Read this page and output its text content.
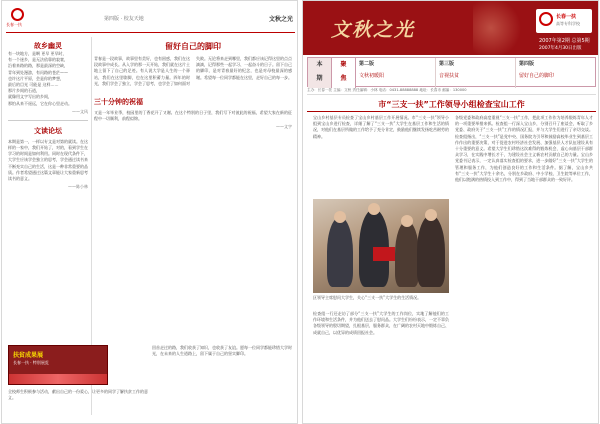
长春一扶
第四版 · 校友天地	文秋之光
故乡幽灵
有一块地方，是啊 更早 更早时，
有一个迷乡，是无法依靠的寂寞，
沿着来路的路，那是最深的空缺，
青年到处漫游，有问路的苍茫——
也许这片平原，会是你的梦想，
最后的目光 可能是 这样……
那片乡间的石道，
就像用文字写出的乡间，
那怕从来不遥远，它在你心里走动。
——文风
文读论坛
本期是第一，一样以专文是对第的就读。在这样的一家中，我们开始了，对的，看到学生在学习的时间是如何利用。同时在现代条件下，大学生应该学会独立的思考，学会通过读书来不断充实自己的生活，这是一种非常重要的品质。作者希望通过这篇文章能让大家重新思考读书的意义。
——陈小林
留好自己的脚印
青春是一段故事，故事里有美好，也有困惑，我们在这段故事中成长。从入学的那一天开始，我们就在这片土地上留下了自己的足迹。有人说大学是人生的一个驿站，我们在这里歇脚，也在这里积蓄力量。四年的时光，我们学会了独立，学会了思考，也学会了如何面对失败。无论将来走到哪里，我们都应该记得这里的点点滴滴，记得那些一起学习、一起奋斗的日子。留下自己的脚印，是对青春最好的纪念，也是对母校最深的感谢。希望每一位同学都能在这里，走好自己的每一步。
三十分钟的祝福
又是一年毕业季，校园里的丁香花开了又谢。在这个特别的日子里，我们写下对彼此的祝福，希望大家在新的征程中一切顺利，前程似锦。
——文字
扶贫成果展
长春一扶 · 特别展览
全校师生积极参与活动，献出自己的一份爱心，让更多的同学了解扶贫工作的意义。
回首走过的路，我们收获了知识，也收获了友谊。愿每一位同学都能珍惜大学时光，在未来的人生道路上，留下属于自己的坚实脚印。
文秋之光
长春一扶
高等专科学校
2007年第2期 总第5期
2007年4月30日出版
本
期
聚
焦
第二版
文秋初暖阳
第三版
音视扶贫
第四版
留好自己的脚印
主办：长春一扶 主编：文秋 责任编辑：小林 电话：0431-88888888 地址：长春市 邮编：130000
市“三支一扶”工作领导小组检查宝山工作
宝山乡村基层专员检查了宝山乡村基层工作开展情况。市“三支一扶”领导小组到宝山乡进行检查，详细了解了“三支一扶”大学生在基层工作和生活的情况，对他们在基层所做的工作给予了充分肯定，鼓励他们继续发扬吃苦耐劳的精神。
区领导主席慰问大学生，关心“三支一扶”大学生的生活情况。
检查组一行还走访了部分“三支一扶”大学生的工作岗位，实地了解他们的工作环境和生活条件，并为他们送去了慰问品。大学生们纷纷表示，一定不辜负各级领导的殷切期望，扎根基层，服务群众，在广阔的农村天地中锻炼自己、成就自己，以优异的成绩回报社会。
各级党委和政府高度重视“三支一扶”工作，把此项工作作为培养锻炼青年人才的一项重要举措来抓。检查组一行深入宝山乡，分别召开了座谈会，听取了乡党委、政府关于“三支一扶”工作的情况汇报，并与大学生们进行了亲切交谈。检查组指出，“三支一扶”是党中央、国务院为引导和鼓励高校毕业生到基层工作作出的重要决策，对于促进农村经济社会发展、加强基层人才队伍建设具有十分重要的意义。希望大学生们珍惜这次难得的锻炼机会，虚心向基层干部群众学习，在实践中增长才干，为建设社会主义新农村贡献自己的力量。宝山乡党委书记表示，一定认真落实检查组的要求，进一步做好“三支一扶”大学生的管理和服务工作，为他们创造良好的工作和生活条件。据了解，宝山乡共有“三支一扶”大学生十余名，分别在乡政府、中小学校、卫生院等单位工作，他们以饱满的热情投入到工作中，得到了当地干部群众的一致好评。
